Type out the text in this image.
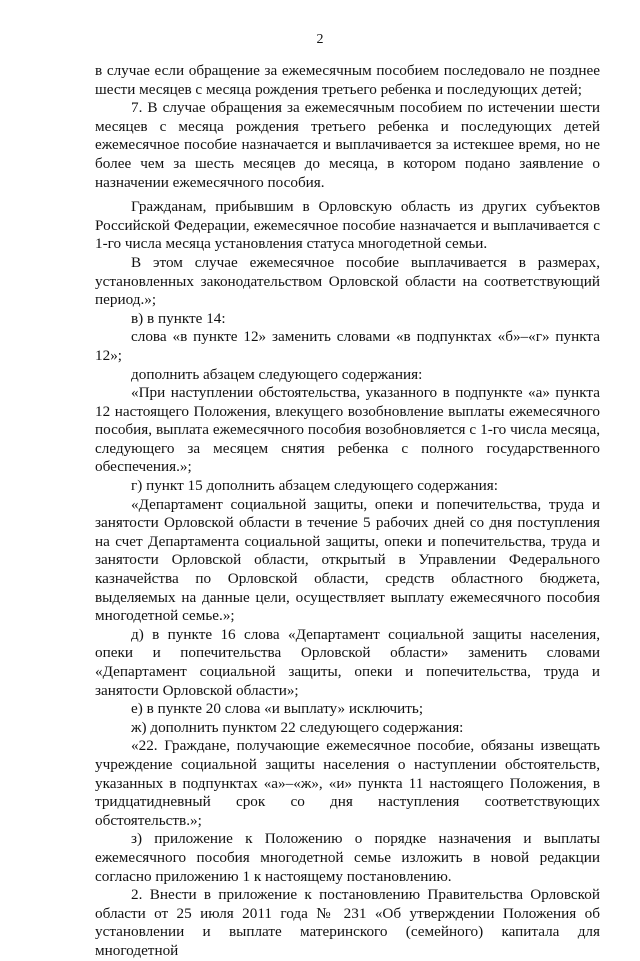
2

в случае если обращение за ежемесячным пособием последовало не позднее шести месяцев с месяца рождения третьего ребенка и последующих детей;

7. В случае обращения за ежемесячным пособием по истечении шести месяцев с месяца рождения третьего ребенка и последующих детей ежемесячное пособие назначается и выплачивается за истекшее время, но не более чем за шесть месяцев до месяца, в котором подано заявление о назначении ежемесячного пособия.

Гражданам, прибывшим в Орловскую область из других субъектов Российской Федерации, ежемесячное пособие назначается и выплачивается с 1-го числа месяца установления статуса многодетной семьи.

В этом случае ежемесячное пособие выплачивается в размерах, установленных законодательством Орловской области на соответствующий период.»;

в) в пункте 14:

слова «в пункте 12» заменить словами «в подпунктах «б»–«г» пункта 12»;

дополнить абзацем следующего содержания:

«При наступлении обстоятельства, указанного в подпункте «а» пункта 12 настоящего Положения, влекущего возобновление выплаты ежемесячного пособия, выплата ежемесячного пособия возобновляется с 1-го числа месяца, следующего за месяцем снятия ребенка с полного государственного обеспечения.»;

г) пункт 15 дополнить абзацем следующего содержания:

«Департамент социальной защиты, опеки и попечительства, труда и занятости Орловской области в течение 5 рабочих дней со дня поступления на счет Департамента социальной защиты, опеки и попечительства, труда и занятости Орловской области, открытый в Управлении Федерального казначейства по Орловской области, средств областного бюджета, выделяемых на данные цели, осуществляет выплату ежемесячного пособия многодетной семье.»;

д) в пункте 16 слова «Департамент социальной защиты населения, опеки и попечительства Орловской области» заменить словами «Департамент социальной защиты, опеки и попечительства, труда и занятости Орловской области»;

е) в пункте 20 слова «и выплату» исключить;

ж) дополнить пунктом 22 следующего содержания:

«22. Граждане, получающие ежемесячное пособие, обязаны извещать учреждение социальной защиты населения о наступлении обстоятельств, указанных в подпунктах «а»–«ж», «и» пункта 11 настоящего Положения, в тридцатидневный срок со дня наступления соответствующих обстоятельств.»;

з) приложение к Положению о порядке назначения и выплаты ежемесячного пособия многодетной семье изложить в новой редакции согласно приложению 1 к настоящему постановлению.

2. Внести в приложение к постановлению Правительства Орловской области от 25 июля 2011 года № 231 «Об утверждении Положения об установлении и выплате материнского (семейного) капитала для многодетной
